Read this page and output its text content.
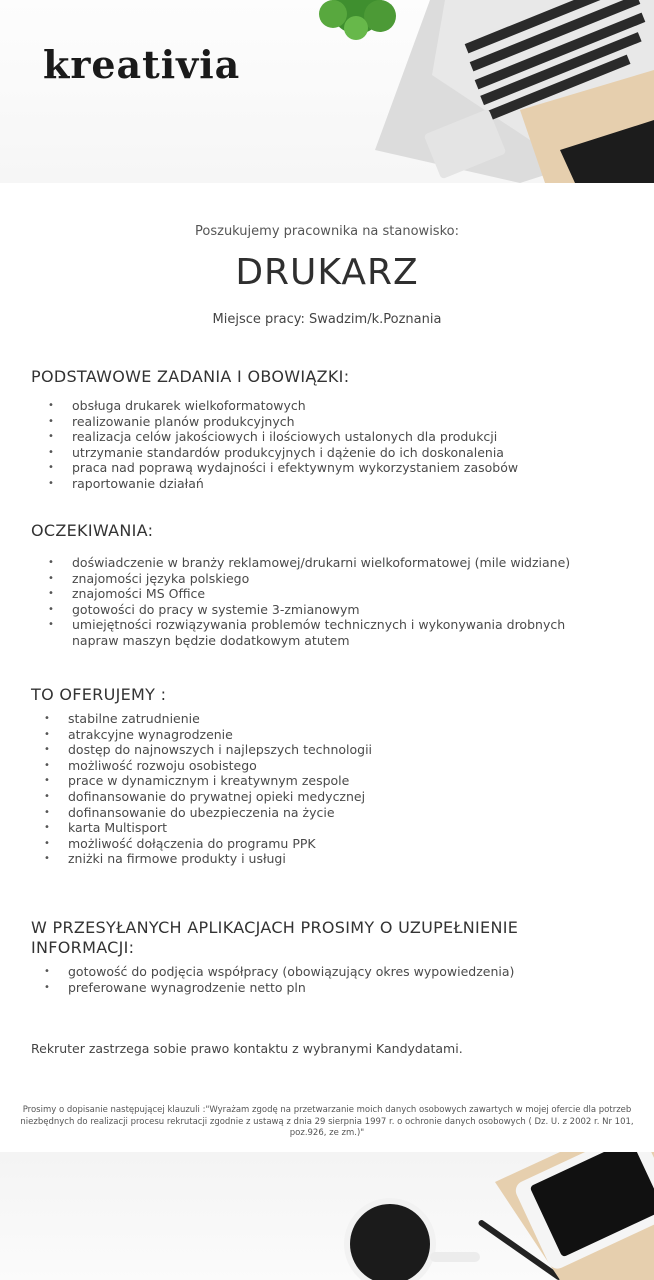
kreativia
Poszukujemy pracownika na stanowisko:
DRUKARZ
Miejsce pracy: Swadzim/k.Poznania
PODSTAWOWE ZADANIA I OBOWIĄZKI:
• obsługa drukarek wielkoformatowych
• realizowanie planów produkcyjnych
• realizacja celów jakościowych i ilościowych ustalonych dla produkcji
• utrzymanie standardów produkcyjnych i dążenie do ich doskonalenia
• praca nad poprawą wydajności i efektywnym wykorzystaniem zasobów
• raportowanie działań
OCZEKIWANIA:
• doświadczenie w branży reklamowej/drukarni wielkoformatowej (mile widziane)
• znajomości języka polskiego
• znajomości MS Office
• gotowości do pracy w systemie 3-zmianowym
• umiejętności rozwiązywania problemów technicznych i wykonywania drobnych napraw maszyn będzie dodatkowym atutem
TO OFERUJEMY :
• stabilne zatrudnienie
• atrakcyjne wynagrodzenie
• dostęp do najnowszych i najlepszych technologii
• możliwość rozwoju osobistego
• prace w dynamicznym i kreatywnym zespole
• dofinansowanie do prywatnej opieki medycznej
• dofinansowanie do ubezpieczenia na życie
• karta Multisport
• możliwość dołączenia do programu PPK
• zniżki na firmowe produkty i usługi
W PRZESYŁANYCH APLIKACJACH PROSIMY O UZUPEŁNIENIE INFORMACJI:
• gotowość do podjęcia współpracy (obowiązujący okres wypowiedzenia)
• preferowane wynagrodzenie netto pln
Rekruter zastrzega sobie prawo kontaktu z wybranymi Kandydatami.
Prosimy o dopisanie następującej klauzuli :"Wyrażam zgodę na przetwarzanie moich danych osobowych zawartych w mojej ofercie dla potrzeb niezbędnych do realizacji procesu rekrutacji zgodnie z ustawą z dnia 29 sierpnia 1997 r. o ochronie danych osobowych ( Dz. U. z 2002 r. Nr 101, poz.926, ze zm.)"
